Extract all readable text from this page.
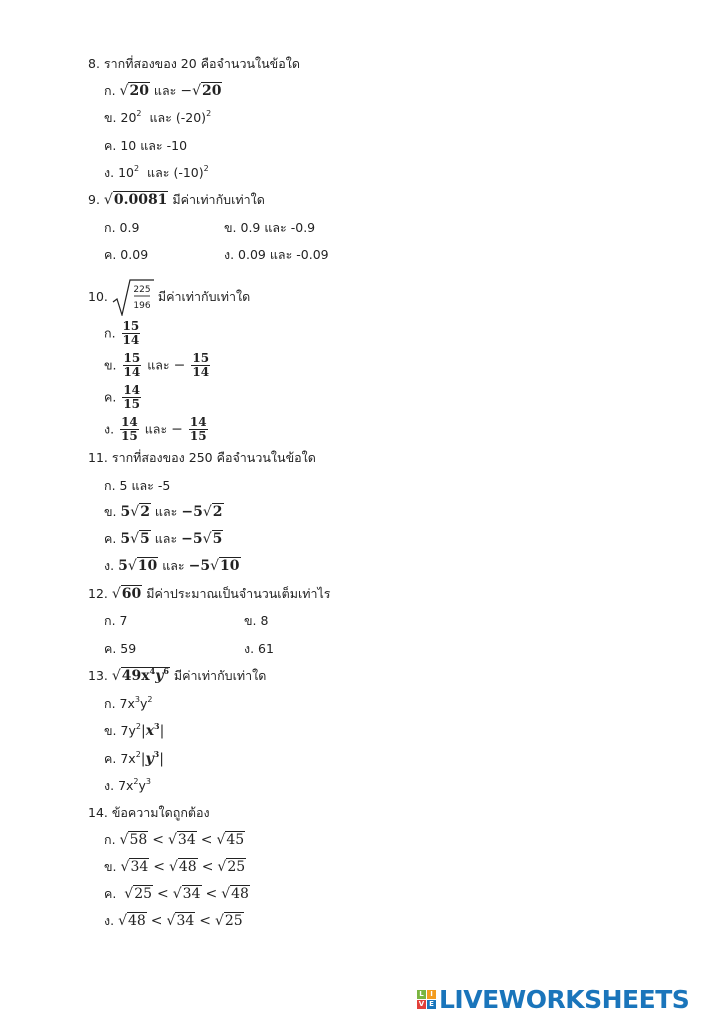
8. รากที่สองของ 20 คือจำนวนในข้อใด
ก. √20 และ −√20
ข. $20^2$ และ $(-20)^2$
ค. 10 และ -10
ง. $10^2$ และ $(-10)^2$
9. √0.0081 มีค่าเท่ากับเท่าใด
ก. 0.9	ข. 0.9 และ -0.9
ค. 0.09	ง. 0.09 และ -0.09
10.	225
196
มีค่าเท่ากับเท่าใด
ก. $\frac{15}{14}$
ข. $\frac{15}{14}$ และ − $\frac{15}{14}$
ค. $\frac{14}{15}$
ง. $\frac{14}{15}$ และ − $\frac{14}{15}$
11. รากที่สองของ 250 คือจำนวนในข้อใด
ก. 5 และ -5
ข. 5√2 และ −5√2
ค. 5√5 และ −5√5
ง. 5√10 และ −5√10
12. √60 มีค่าประมาณเป็นจำนวนเต็มเท่าไร
ก. 7	ข. 8
ค. 59	ง. 61
13. $√49x^4y^6$ มีค่าเท่ากับเท่าใด
ก. $7x^3y^2$
ข. $7y^2|x^3|$
ค. $7x^2|y^3|$
ง. $7x^2y^3$
14. ข้อความใดถูกต้อง
ก. √58 < √34 < √45
ข. √34 < √48 < √25
ค. √25 < √34 < √48
ง. √48 < √34 < √25
L I
V E LIVEWORKSHEETS
